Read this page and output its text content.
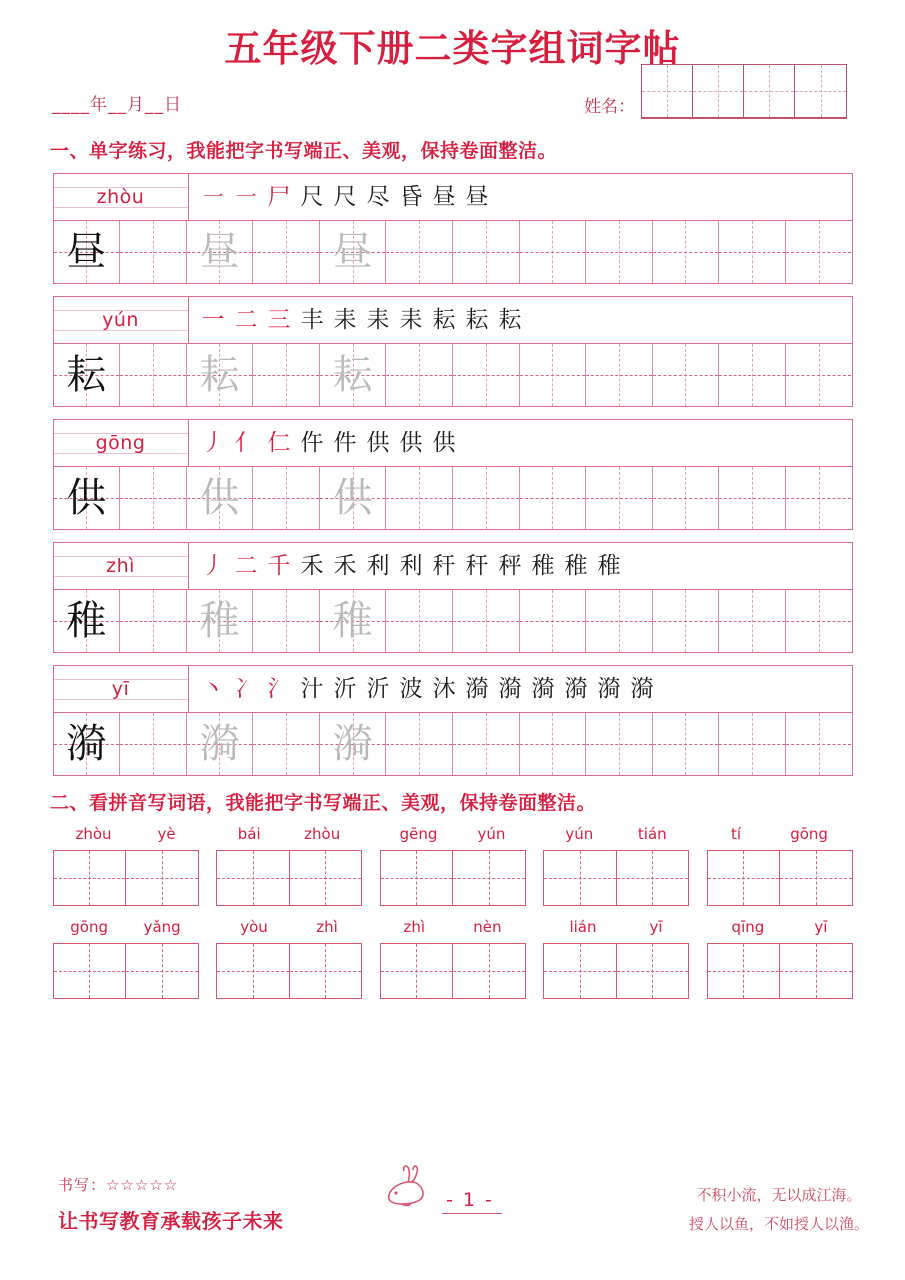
五年级下册二类字组词字帖
____年__月__日	姓名：
一、单字练习，我能把字书写端正、美观，保持卷面整洁。
zhòu ㇐ ㇐ 尸 尺 尺 尽 昏 昼 昼
昼 昼 昼
yún	一 二 三 丰 耒 耒 耒 耘 耘 耘
耘 耘 耘
gōng 丿 亻 仁 仵 件 供 供 供
供 供 供
zhì	丿 二 千 禾 禾 利 利 秆 秆 秤 稚 稚 稚
稚 稚 稚
yī	丶 冫 氵 汁 沂 沂 波 沐 漪 漪 漪 漪 漪 漪
漪 漪 漪
二、看拼音写词语，我能把字书写端正、美观，保持卷面整洁。
zhòu	yè	bái	zhòu	gēng	yún	yún	tián	tí	gōng
gōng yǎng	yòu	zhì	zhì	nèn	lián	yī	qīng	yī
书写：☆☆☆☆☆
让书写教育承载孩子未来
- 1 -	不积小流，无以成江海。
授人以鱼，不如授人以渔。
